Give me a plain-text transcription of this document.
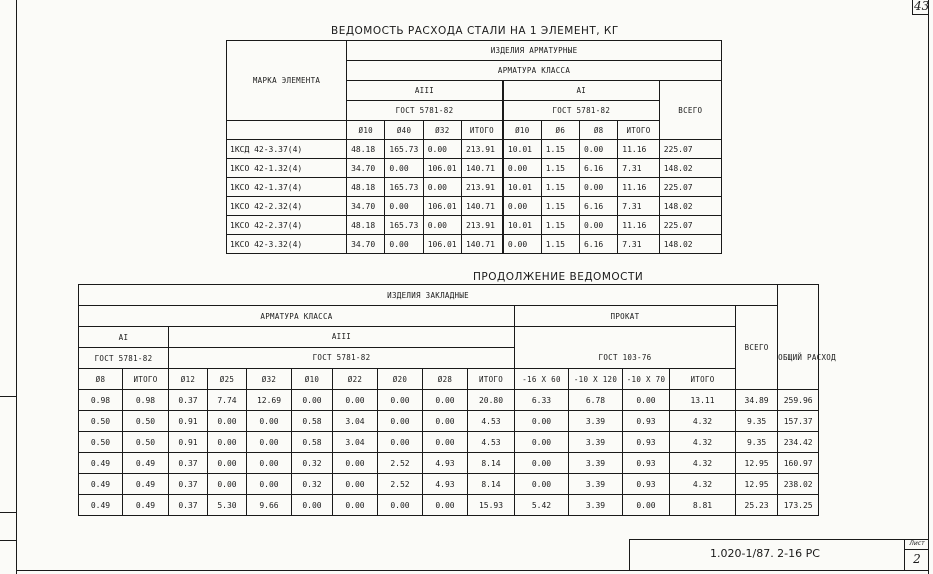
43
ВЕДОМОСТЬ РАСХОДА СТАЛИ НА 1 ЭЛЕМЕНТ, КГ
МАРКА ЭЛЕМЕНТА	ИЗДЕЛИЯ АРМАТУРНЫЕ								
	АРМАТУРА КЛАССА								
	АIII				АI				ВСЕГО
	ГОСТ 5781-82				ГОСТ 5781-82				
	Ø10	Ø40	Ø32	ИТОГО	Ø10	Ø6	Ø8	ИТОГО	
1КСД 42-3.37(4)	48.18	165.73	0.00	213.91	10.01	1.15	0.00	11.16	225.07
1КСО 42-1.32(4)	34.70	0.00	106.01	140.71	0.00	1.15	6.16	7.31	148.02
1КСО 42-1.37(4)	48.18	165.73	0.00	213.91	10.01	1.15	0.00	11.16	225.07
1КСО 42-2.32(4)	34.70	0.00	106.01	140.71	0.00	1.15	6.16	7.31	148.02
1КСО 42-2.37(4)	48.18	165.73	0.00	213.91	10.01	1.15	0.00	11.16	225.07
1КСО 42-3.32(4)	34.70	0.00	106.01	140.71	0.00	1.15	6.16	7.31	148.02
ПРОДОЛЖЕНИЕ ВЕДОМОСТИ
ИЗДЕЛИЯ ЗАКЛАДНЫЕ															
АРМАТУРА КЛАССА										ПРОКАТ				ВСЕГО	
АI		АIII
ГОСТ 5781-82								ГОСТ 103-76					ОБЩИЙ РАСХОД
ГОСТ 5781-82															
Ø8	ИТОГО	Ø12	Ø25	Ø32	Ø10	Ø22	Ø20	Ø28	ИТОГО	-16 Х 60	-10 Х 120	-10 Х 70	ИТОГО		
0.98	0.98	0.37	7.74	12.69	0.00	0.00	0.00	0.00	20.80	6.33	6.78	0.00	13.11	34.89	259.96
0.50	0.50	0.91	0.00	0.00	0.58	3.04	0.00	0.00	4.53	0.00	3.39	0.93	4.32	9.35	157.37
0.50	0.50	0.91	0.00	0.00	0.58	3.04	0.00	0.00	4.53	0.00	3.39	0.93	4.32	9.35	234.42
0.49	0.49	0.37	0.00	0.00	0.32	0.00	2.52	4.93	8.14	0.00	3.39	0.93	4.32	12.95	160.97
0.49	0.49	0.37	0.00	0.00	0.32	0.00	2.52	4.93	8.14	0.00	3.39	0.93	4.32	12.95	238.02
0.49	0.49	0.37	5.30	9.66	0.00	0.00	0.00	0.00	15.93	5.42	3.39	0.00	8.81	25.23	173.25
1.020-1/87. 2-16 РС
Лист
2
